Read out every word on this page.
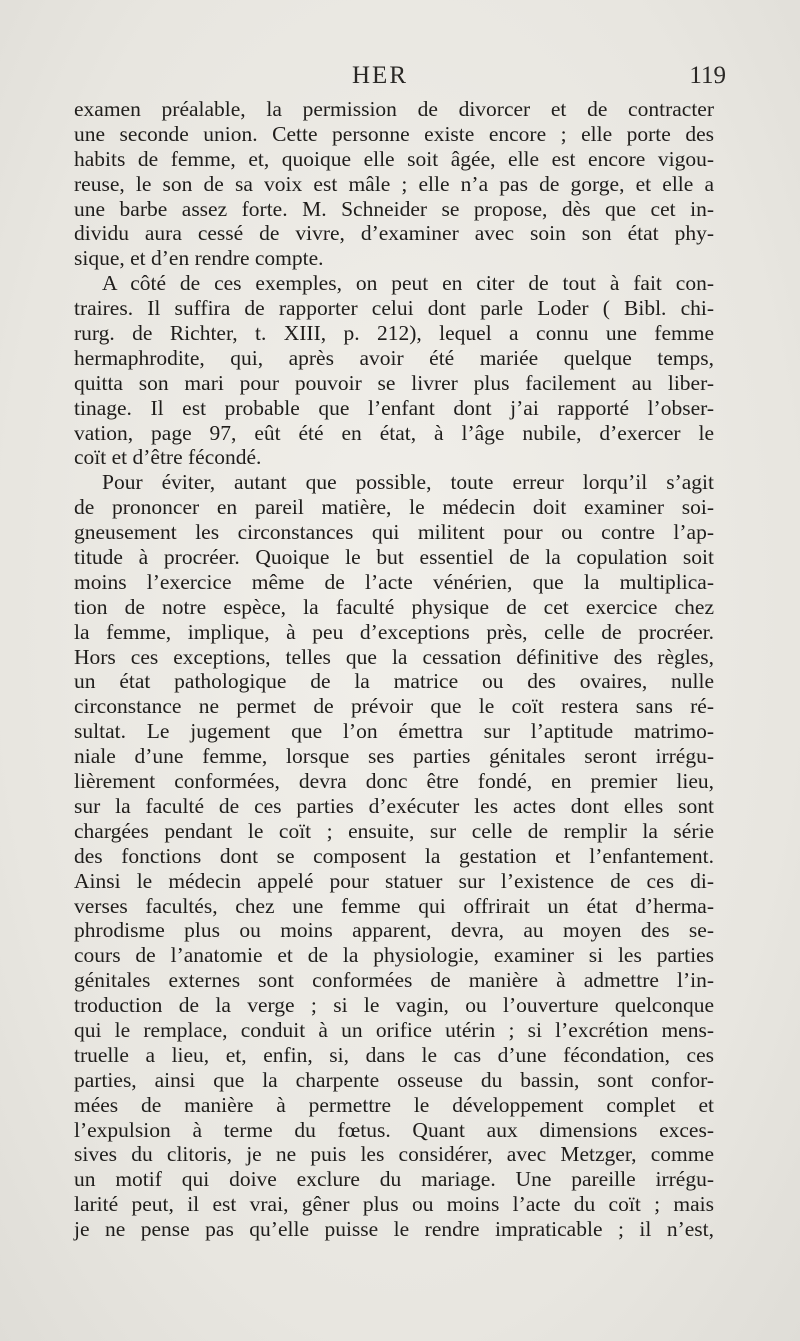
HER	119
examen préalable, la permission de divorcer et de contracter
une seconde union. Cette personne existe encore ; elle porte des
habits de femme, et, quoique elle soit âgée, elle est encore vigou-
reuse, le son de sa voix est mâle ; elle n’a pas de gorge, et elle a
une barbe assez forte. M. Schneider se propose, dès que cet in-
dividu aura cessé de vivre, d’examiner avec soin son état phy-
sique, et d’en rendre compte.
A côté de ces exemples, on peut en citer de tout à fait con-
traires. Il suffira de rapporter celui dont parle Loder ( Bibl. chi-
rurg. de Richter, t. XIII, p. 212), lequel a connu une femme
hermaphrodite, qui, après avoir été mariée quelque temps,
quitta son mari pour pouvoir se livrer plus facilement au liber-
tinage. Il est probable que l’enfant dont j’ai rapporté l’obser-
vation, page 97, eût été en état, à l’âge nubile, d’exercer le
coït et d’être fécondé.
Pour éviter, autant que possible, toute erreur lorqu’il s’agit
de prononcer en pareil matière, le médecin doit examiner soi-
gneusement les circonstances qui militent pour ou contre l’ap-
titude à procréer. Quoique le but essentiel de la copulation soit
moins l’exercice même de l’acte vénérien, que la multiplica-
tion de notre espèce, la faculté physique de cet exercice chez
la femme, implique, à peu d’exceptions près, celle de procréer.
Hors ces exceptions, telles que la cessation définitive des règles,
un état pathologique de la matrice ou des ovaires, nulle
circonstance ne permet de prévoir que le coït restera sans ré-
sultat. Le jugement que l’on émettra sur l’aptitude matrimo-
niale d’une femme, lorsque ses parties génitales seront irrégu-
lièrement conformées, devra donc être fondé, en premier lieu,
sur la faculté de ces parties d’exécuter les actes dont elles sont
chargées pendant le coït ; ensuite, sur celle de remplir la série
des fonctions dont se composent la gestation et l’enfantement.
Ainsi le médecin appelé pour statuer sur l’existence de ces di-
verses facultés, chez une femme qui offrirait un état d’herma-
phrodisme plus ou moins apparent, devra, au moyen des se-
cours de l’anatomie et de la physiologie, examiner si les parties
génitales externes sont conformées de manière à admettre l’in-
troduction de la verge ; si le vagin, ou l’ouverture quelconque
qui le remplace, conduit à un orifice utérin ; si l’excrétion mens-
truelle a lieu, et, enfin, si, dans le cas d’une fécondation, ces
parties, ainsi que la charpente osseuse du bassin, sont confor-
mées de manière à permettre le développement complet et
l’expulsion à terme du fœtus. Quant aux dimensions exces-
sives du clitoris, je ne puis les considérer, avec Metzger, comme
un motif qui doive exclure du mariage. Une pareille irrégu-
larité peut, il est vrai, gêner plus ou moins l’acte du coït ; mais
je ne pense pas qu’elle puisse le rendre impraticable ; il n’est,
